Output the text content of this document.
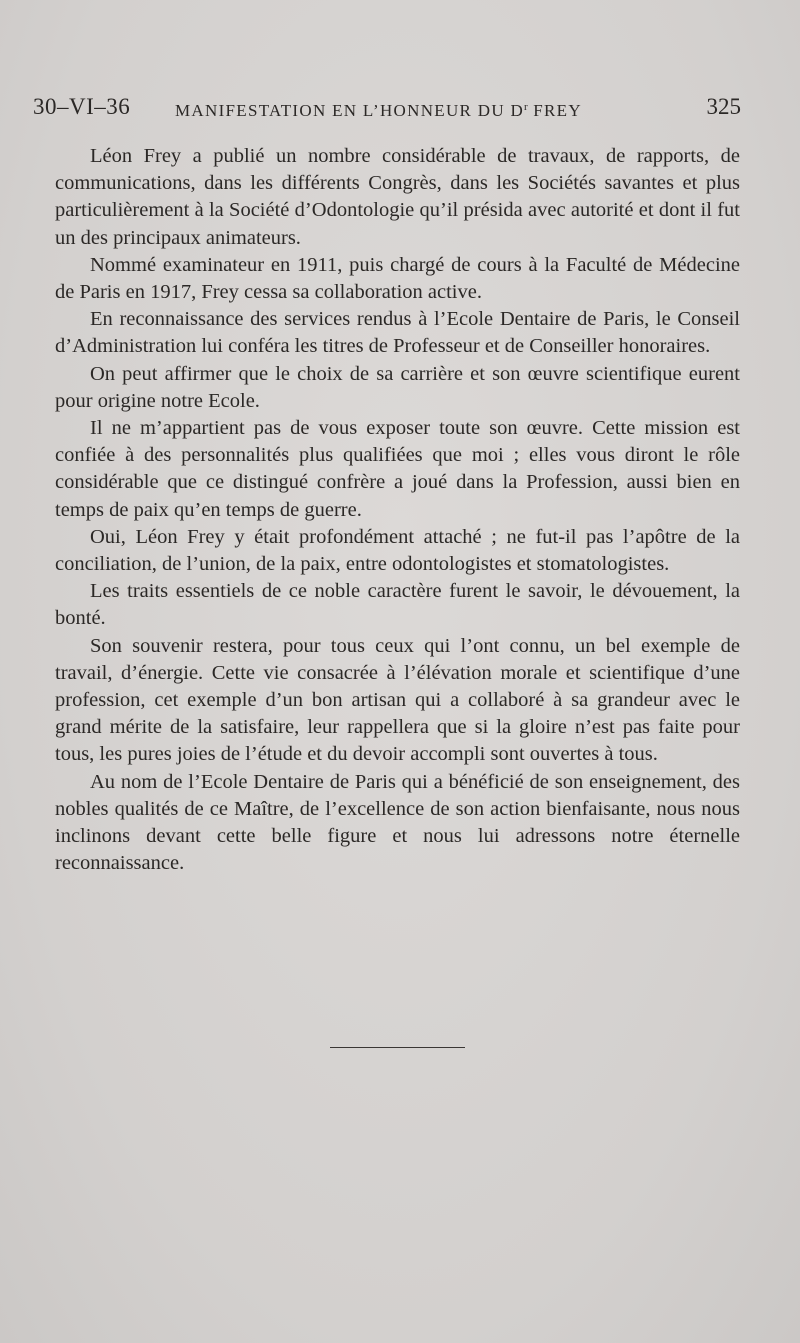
30–VI–36	MANIFESTATION EN L’HONNEUR DU $D^r$ FREY	325

Léon Frey a publié un nombre considérable de travaux, de rapports, de communications, dans les différents Congrès, dans les Sociétés savantes et plus particulièrement à la Société d’Odontologie qu’il présida avec autorité et dont il fut un des principaux animateurs.

Nommé examinateur en 1911, puis chargé de cours à la Faculté de Médecine de Paris en 1917, Frey cessa sa collaboration active.

En reconnaissance des services rendus à l’Ecole Dentaire de Paris, le Conseil d’Administration lui conféra les titres de Professeur et de Conseiller honoraires.

On peut affirmer que le choix de sa carrière et son œuvre scientifique eurent pour origine notre Ecole.

Il ne m’appartient pas de vous exposer toute son œuvre. Cette mission est confiée à des personnalités plus qualifiées que moi ; elles vous diront le rôle considérable que ce distingué confrère a joué dans la Profession, aussi bien en temps de paix qu’en temps de guerre.

Oui, Léon Frey y était profondément attaché ; ne fut-il pas l’apôtre de la conciliation, de l’union, de la paix, entre odontologistes et stomatologistes.

Les traits essentiels de ce noble caractère furent le savoir, le dévouement, la bonté.

Son souvenir restera, pour tous ceux qui l’ont connu, un bel exemple de travail, d’énergie. Cette vie consacrée à l’élévation morale et scientifique d’une profession, cet exemple d’un bon artisan qui a collaboré à sa grandeur avec le grand mérite de la satisfaire, leur rappellera que si la gloire n’est pas faite pour tous, les pures joies de l’étude et du devoir accompli sont ouvertes à tous.

Au nom de l’Ecole Dentaire de Paris qui a bénéficié de son enseignement, des nobles qualités de ce Maître, de l’excellence de son action bienfaisante, nous nous inclinons devant cette belle figure et nous lui adressons notre éternelle reconnaissance.
